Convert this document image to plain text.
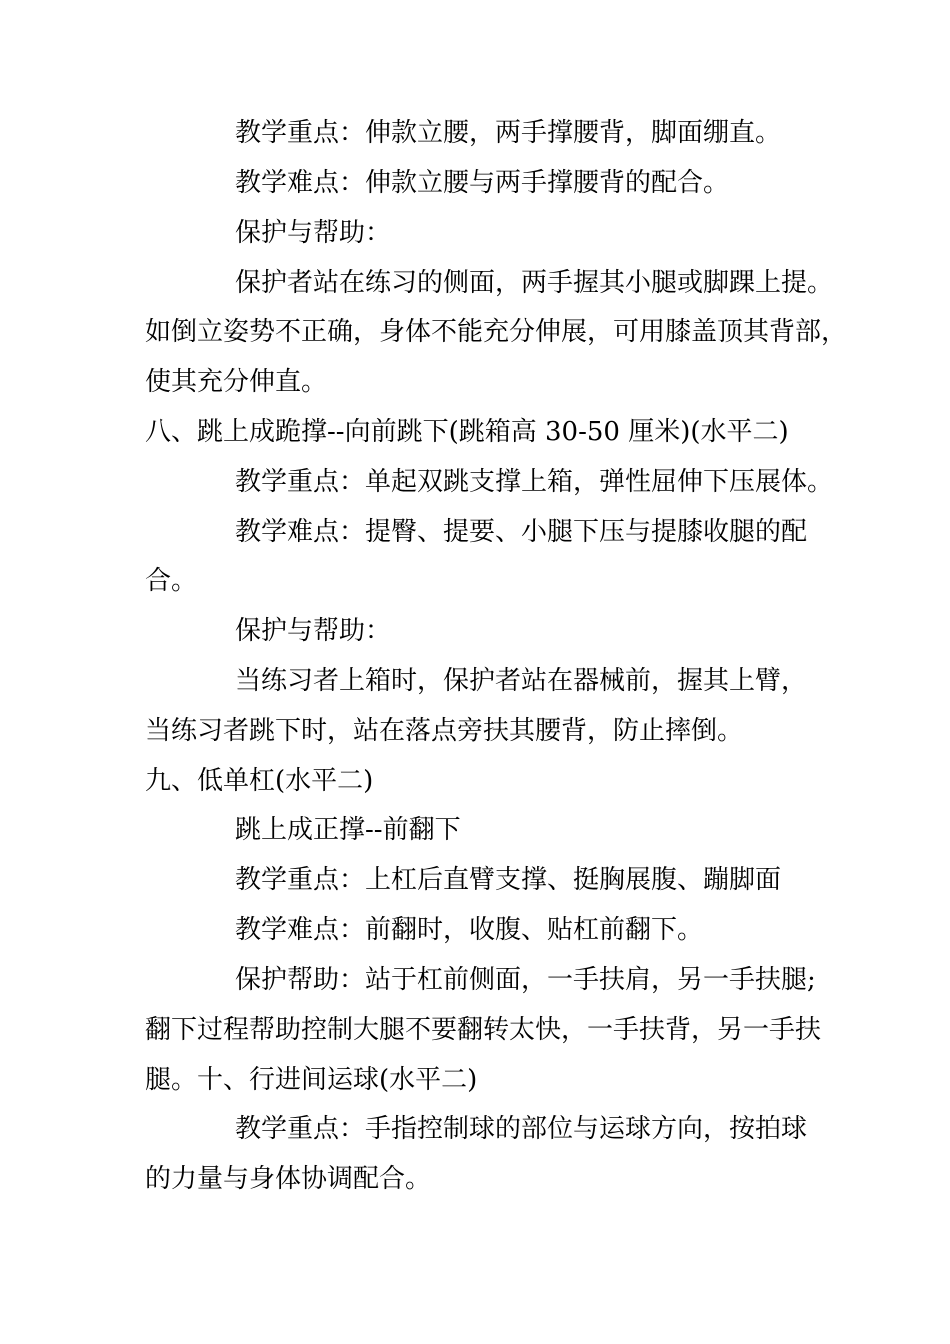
教学重点：伸款立腰，两手撑腰背，脚面绷直。
教学难点：伸款立腰与两手撑腰背的配合。
保护与帮助：
保护者站在练习的侧面，两手握其小腿或脚踝上提。
如倒立姿势不正确，身体不能充分伸展，可用膝盖顶其背部，
使其充分伸直。
八、跳上成跪撑--向前跳下(跳箱高 30-50 厘米)(水平二)
教学重点：单起双跳支撑上箱，弹性屈伸下压展体。
教学难点：提臀、提要、小腿下压与提膝收腿的配
合。
保护与帮助：
当练习者上箱时，保护者站在器械前，握其上臂，
当练习者跳下时，站在落点旁扶其腰背，防止摔倒。
九、低单杠(水平二)
跳上成正撑--前翻下
教学重点：上杠后直臂支撑、挺胸展腹、蹦脚面
教学难点：前翻时，收腹、贴杠前翻下。
保护帮助：站于杠前侧面，一手扶肩，另一手扶腿;
翻下过程帮助控制大腿不要翻转太快，一手扶背，另一手扶
腿。十、行进间运球(水平二)
教学重点：手指控制球的部位与运球方向，按拍球
的力量与身体协调配合。
